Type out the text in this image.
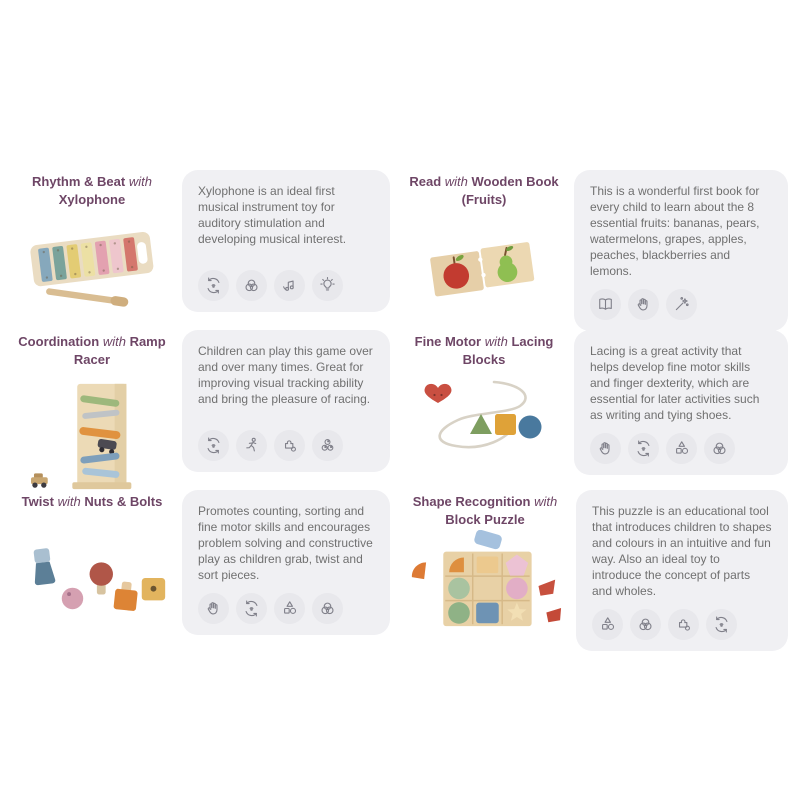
Rhythm & Beat with Xylophone

Xylophone is an ideal first musical instrument toy for auditory stimulation and developing musical interest.

Read with Wooden Book (Fruits)

This is a wonderful first book for every child to learn about the 8 essential fruits: bananas, pears, watermelons, grapes, apples, peaches, blackberries and lemons.

Coordination with Ramp Racer

Children can play this game over and over many times. Great for improving visual tracking ability and bring the pleasure of racing.

Fine Motor with Lacing Blocks

Lacing is a great activity that helps develop fine motor skills and finger dexterity, which are essential for later activities such as writing and tying shoes.

Twist with Nuts & Bolts

Promotes counting, sorting and fine motor skills and encourages problem solving and constructive play as children grab, twist and sort pieces.

Shape Recognition with Block Puzzle

This puzzle is an educational tool that introduces children to shapes and colours in an intuitive and fun way. Also an ideal toy to introduce the concept of parts and wholes.
